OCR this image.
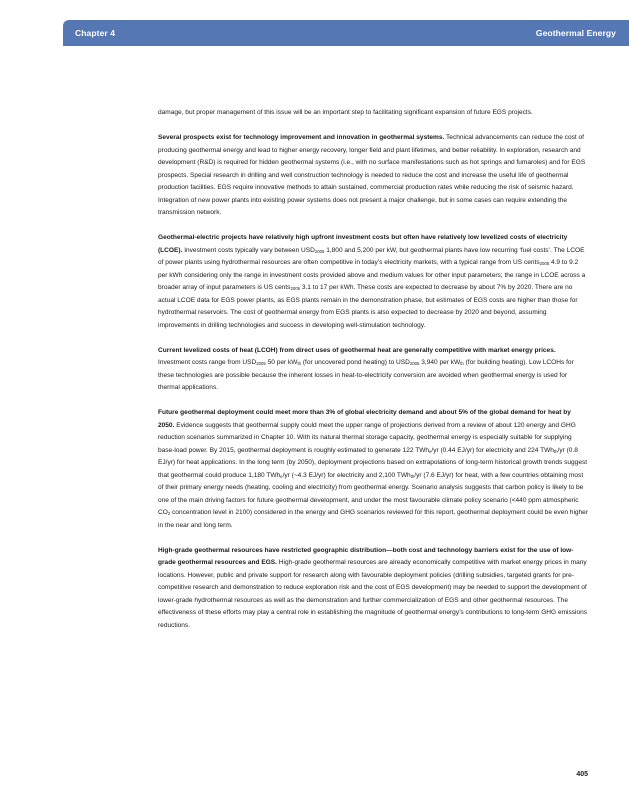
Chapter 4	Geothermal Energy

damage, but proper management of this issue will be an important step to facilitating significant expansion of future EGS projects.

Several prospects exist for technology improvement and innovation in geothermal systems. Technical advancements can reduce the cost of producing geothermal energy and lead to higher energy recovery, longer field and plant lifetimes, and better reliability. In exploration, research and development (R&D) is required for hidden geothermal systems (i.e., with no surface manifestations such as hot springs and fumaroles) and for EGS prospects. Special research in drilling and well construction technology is needed to reduce the cost and increase the useful life of geothermal production facilities. EGS require innovative methods to attain sustained, commercial production rates while reducing the risk of seismic hazard. Integration of new power plants into existing power systems does not present a major challenge, but in some cases can require extending the transmission network.

Geothermal-electric projects have relatively high upfront investment costs but often have relatively low levelized costs of electricity (LCOE). Investment costs typically vary between $USD_{2005}$ 1,800 and 5,200 per kW, but geothermal plants have low recurring ‘fuel costs’. The LCOE of power plants using hydrothermal resources are often competitive in today’s electricity markets, with a typical range from US cents$_{2005}$ 4.9 to 9.2 per kWh considering only the range in investment costs provided above and medium values for other input parameters; the range in LCOE across a broader array of input parameters is US cents$_{2005}$ 3.1 to 17 per kWh. These costs are expected to decrease by about 7% by 2020. There are no actual LCOE data for EGS power plants, as EGS plants remain in the demonstration phase, but estimates of EGS costs are higher than those for hydrothermal reservoirs. The cost of geothermal energy from EGS plants is also expected to decrease by 2020 and beyond, assuming improvements in drilling technologies and success in developing well-stimulation technology.

Current levelized costs of heat (LCOH) from direct uses of geothermal heat are generally competitive with market energy prices. Investment costs range from $USD_{2005}$ 50 per $kW_{th}$ (for uncovered pond heating) to $USD_{2005}$ 3,940 per $kW_{th}$ (for building heating). Low LCOHs for these technologies are possible because the inherent losses in heat-to-electricity conversion are avoided when geothermal energy is used for thermal applications.

Future geothermal deployment could meet more than 3% of global electricity demand and about 5% of the global demand for heat by 2050. Evidence suggests that geothermal supply could meet the upper range of projections derived from a review of about 120 energy and GHG reduction scenarios summarized in Chapter 10. With its natural thermal storage capacity, geothermal energy is especially suitable for supplying base-load power. By 2015, geothermal deployment is roughly estimated to generate 122 TWh$_e$/yr (0.44 EJ/yr) for electricity and 224 TWh$_{th}$/yr (0.8 EJ/yr) for heat applications. In the long term (by 2050), deployment projections based on extrapolations of long-term historical growth trends suggest that geothermal could produce 1,180 TWh$_e$/yr (~4.3 EJ/yr) for electricity and 2,100 TWh$_{th}$/yr (7.6 EJ/yr) for heat, with a few countries obtaining most of their primary energy needs (heating, cooling and electricity) from geothermal energy. Scenario analysis suggests that carbon policy is likely to be one of the main driving factors for future geothermal development, and under the most favourable climate policy scenario (<440 ppm atmospheric $CO_2$ concentration level in 2100) considered in the energy and GHG scenarios reviewed for this report, geothermal deployment could be even higher in the near and long term.

High-grade geothermal resources have restricted geographic distribution—both cost and technology barriers exist for the use of low-grade geothermal resources and EGS. High-grade geothermal resources are already economically competitive with market energy prices in many locations. However, public and private support for research along with favourable deployment policies (drilling subsidies, targeted grants for pre-competitive research and demonstration to reduce exploration risk and the cost of EGS development) may be needed to support the development of lower-grade hydrothermal resources as well as the demonstration and further commercialization of EGS and other geothermal resources. The effectiveness of these efforts may play a central role in establishing the magnitude of geothermal energy’s contributions to long-term GHG emissions reductions.

405
